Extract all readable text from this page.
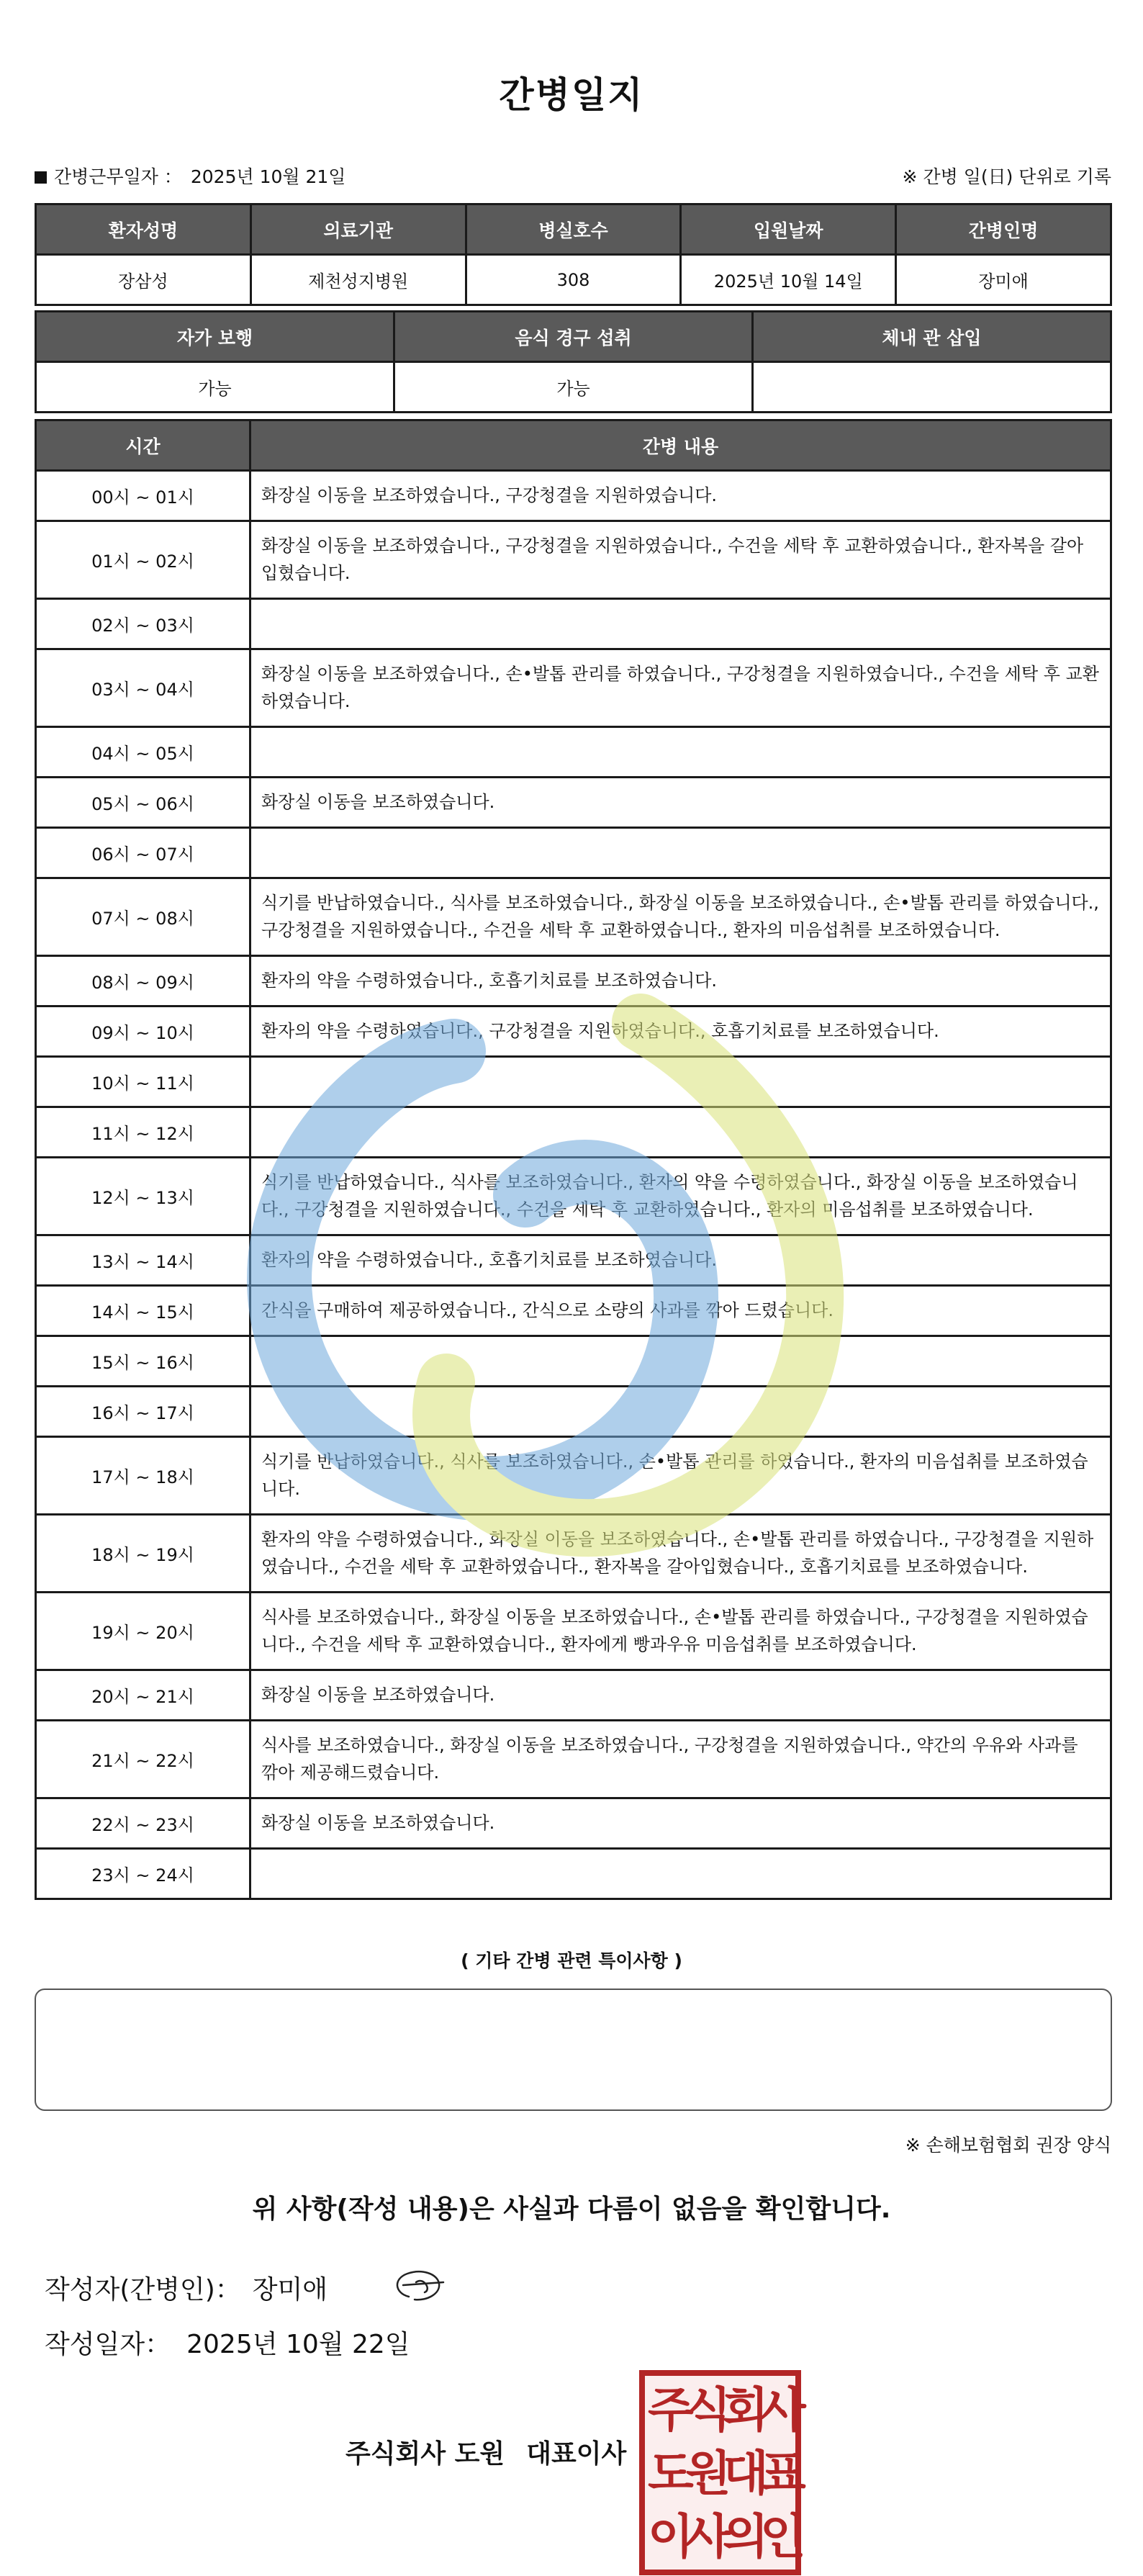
간병일지
간병근무일자 ： 2025년 10월 21일	※ 간병 일(日) 단위로 기록
환자성명	의료기관	병실호수	입원날짜	간병인명
장삼성	제천성지병원	308	2025년 10월 14일	장미애
자가 보행	음식 경구 섭취	체내 관 삽입
가능	가능	
시간	간병 내용
00시 ~ 01시	화장실 이동을 보조하였습니다., 구강청결을 지원하였습니다.
01시 ~ 02시	화장실 이동을 보조하였습니다., 구강청결을 지원하였습니다., 수건을 세탁 후 교환하였습니다., 환자복을 갈아입혔습니다.
02시 ~ 03시	
03시 ~ 04시	화장실 이동을 보조하였습니다., 손•발톱 관리를 하였습니다., 구강청결을 지원하였습니다., 수건을 세탁 후 교환하였습니다.
04시 ~ 05시	
05시 ~ 06시	화장실 이동을 보조하였습니다.
06시 ~ 07시	
07시 ~ 08시	식기를 반납하였습니다., 식사를 보조하였습니다., 화장실 이동을 보조하였습니다., 손•발톱 관리를 하였습니다., 구강청결을 지원하였습니다., 수건을 세탁 후 교환하였습니다., 환자의 미음섭취를 보조하였습니다.
08시 ~ 09시	환자의 약을 수령하였습니다., 호흡기치료를 보조하였습니다.
09시 ~ 10시	환자의 약을 수령하였습니다., 구강청결을 지원하였습니다., 호흡기치료를 보조하였습니다.
10시 ~ 11시	
11시 ~ 12시	
12시 ~ 13시	식기를 반납하였습니다., 식사를 보조하였습니다., 환자의 약을 수령하였습니다., 화장실 이동을 보조하였습니다., 구강청결을 지원하였습니다., 수건을 세탁 후 교환하였습니다., 환자의 미음섭취를 보조하였습니다.
13시 ~ 14시	환자의 약을 수령하였습니다., 호흡기치료를 보조하였습니다.
14시 ~ 15시	간식을 구매하여 제공하였습니다., 간식으로 소량의 사과를 깎아 드렸습니다.
15시 ~ 16시	
16시 ~ 17시	
17시 ~ 18시	식기를 반납하였습니다., 식사를 보조하였습니다., 손•발톱 관리를 하였습니다., 환자의 미음섭취를 보조하였습니다.
18시 ~ 19시	환자의 약을 수령하였습니다., 화장실 이동을 보조하였습니다., 손•발톱 관리를 하였습니다., 구강청결을 지원하였습니다., 수건을 세탁 후 교환하였습니다., 환자복을 갈아입혔습니다., 호흡기치료를 보조하였습니다.
19시 ~ 20시	식사를 보조하였습니다., 화장실 이동을 보조하였습니다., 손•발톱 관리를 하였습니다., 구강청결을 지원하였습니다., 수건을 세탁 후 교환하였습니다., 환자에게 빵과우유 미음섭취를 보조하였습니다.
20시 ~ 21시	화장실 이동을 보조하였습니다.
21시 ~ 22시	식사를 보조하였습니다., 화장실 이동을 보조하였습니다., 구강청결을 지원하였습니다., 약간의 우유와 사과를 깎아 제공해드렸습니다.
22시 ~ 23시	화장실 이동을 보조하였습니다.
23시 ~ 24시	
( 기타 간병 관련 특이사항 )
※ 손해보험협회 권장 양식
위 사항(작성 내용)은 사실과 다름이 없음을 확인합니다.
작성자(간병인)： 장미애
작성일자： 2025년 10월 22일
주식회사 도원 대표이사
주
식
회
사
도
원
대
표
이
사
의
인
